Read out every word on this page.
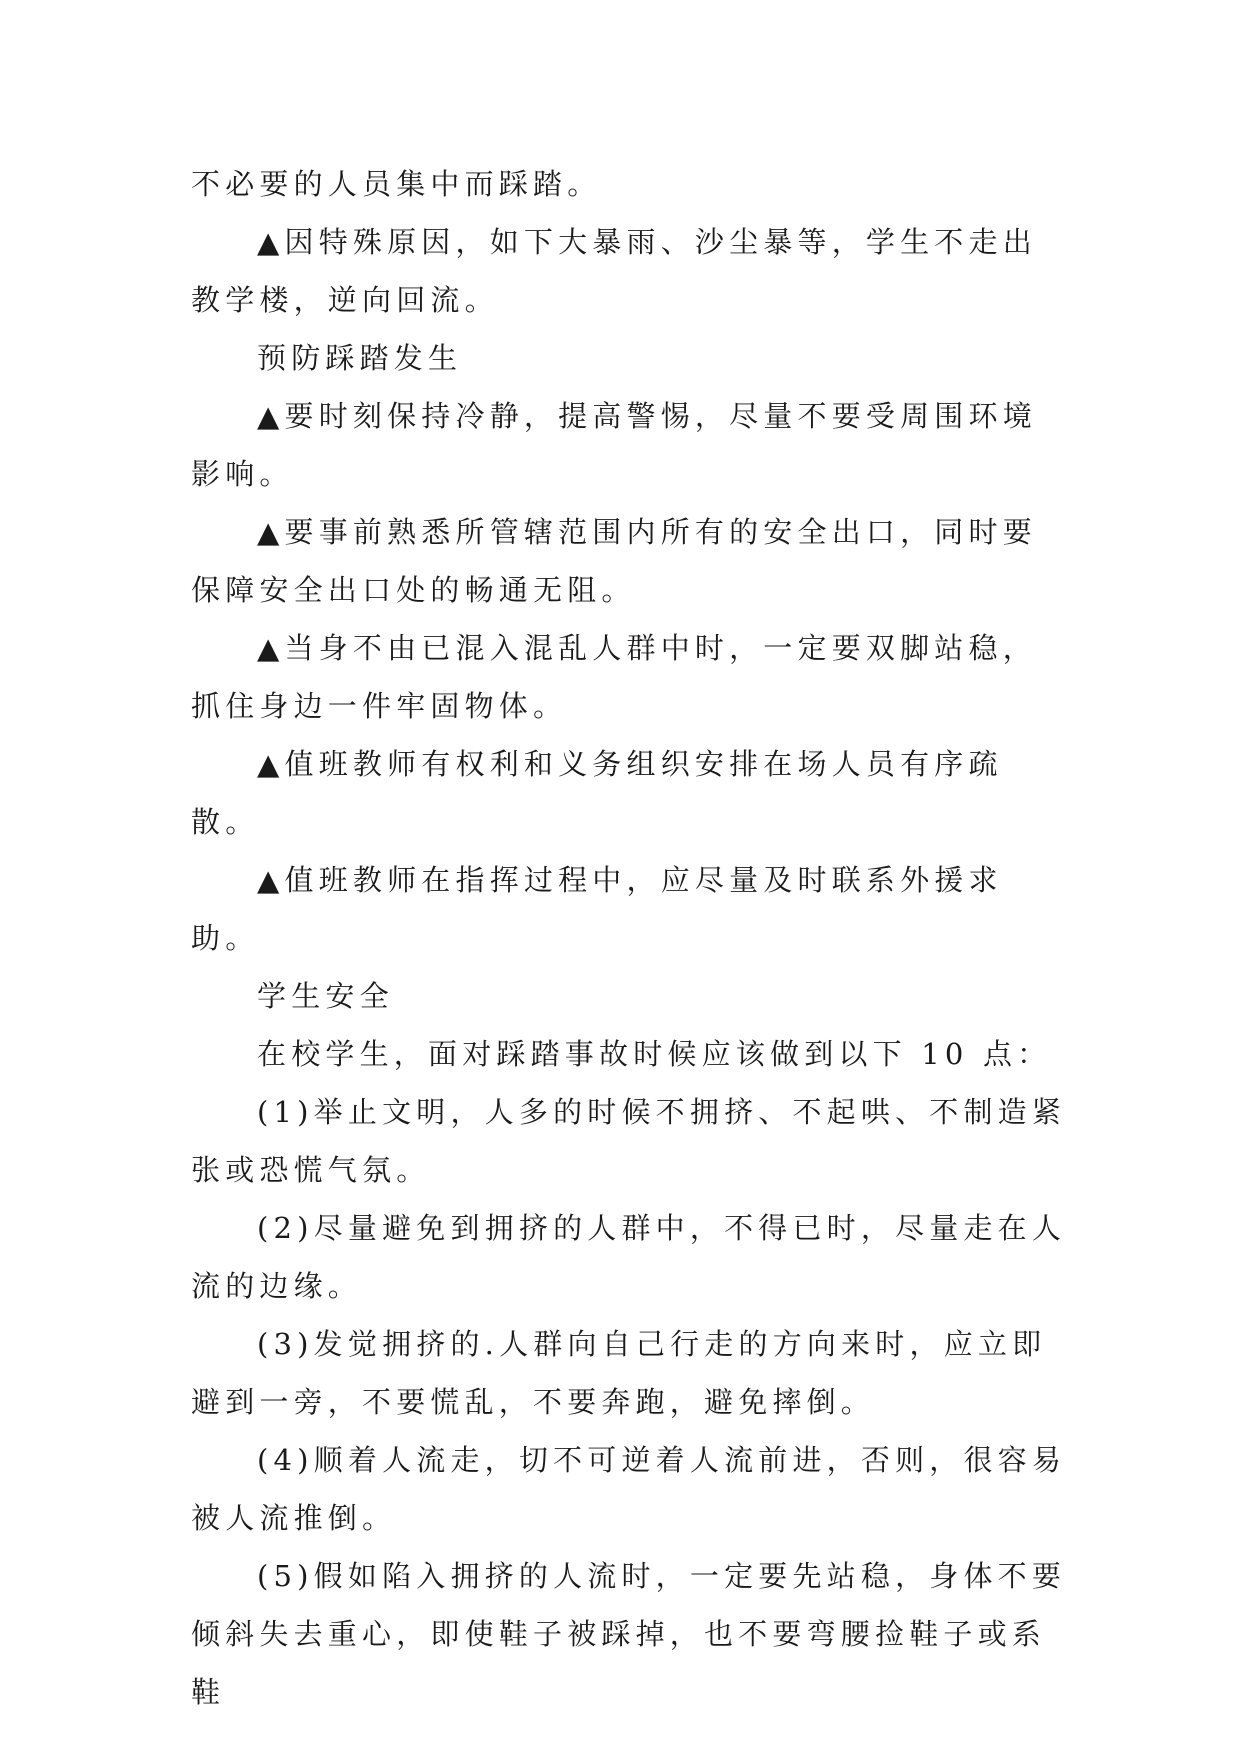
不必要的人员集中而踩踏。

▲因特殊原因，如下大暴雨、沙尘暴等，学生不走出教学楼，逆向回流。

预防踩踏发生

▲要时刻保持冷静，提高警惕，尽量不要受周围环境影响。

▲要事前熟悉所管辖范围内所有的安全出口，同时要保障安全出口处的畅通无阻。

▲当身不由已混入混乱人群中时，一定要双脚站稳，抓住身边一件牢固物体。

▲值班教师有权利和义务组织安排在场人员有序疏散。

▲值班教师在指挥过程中，应尽量及时联系外援求助。

学生安全

在校学生，面对踩踏事故时候应该做到以下 10 点：

(1)举止文明，人多的时候不拥挤、不起哄、不制造紧张或恐慌气氛。

(2)尽量避免到拥挤的人群中，不得已时，尽量走在人流的边缘。

(3)发觉拥挤的.人群向自己行走的方向来时，应立即避到一旁，不要慌乱，不要奔跑，避免摔倒。

(4)顺着人流走，切不可逆着人流前进，否则，很容易被人流推倒。

(5)假如陷入拥挤的人流时，一定要先站稳，身体不要倾斜失去重心，即使鞋子被踩掉，也不要弯腰捡鞋子或系鞋
